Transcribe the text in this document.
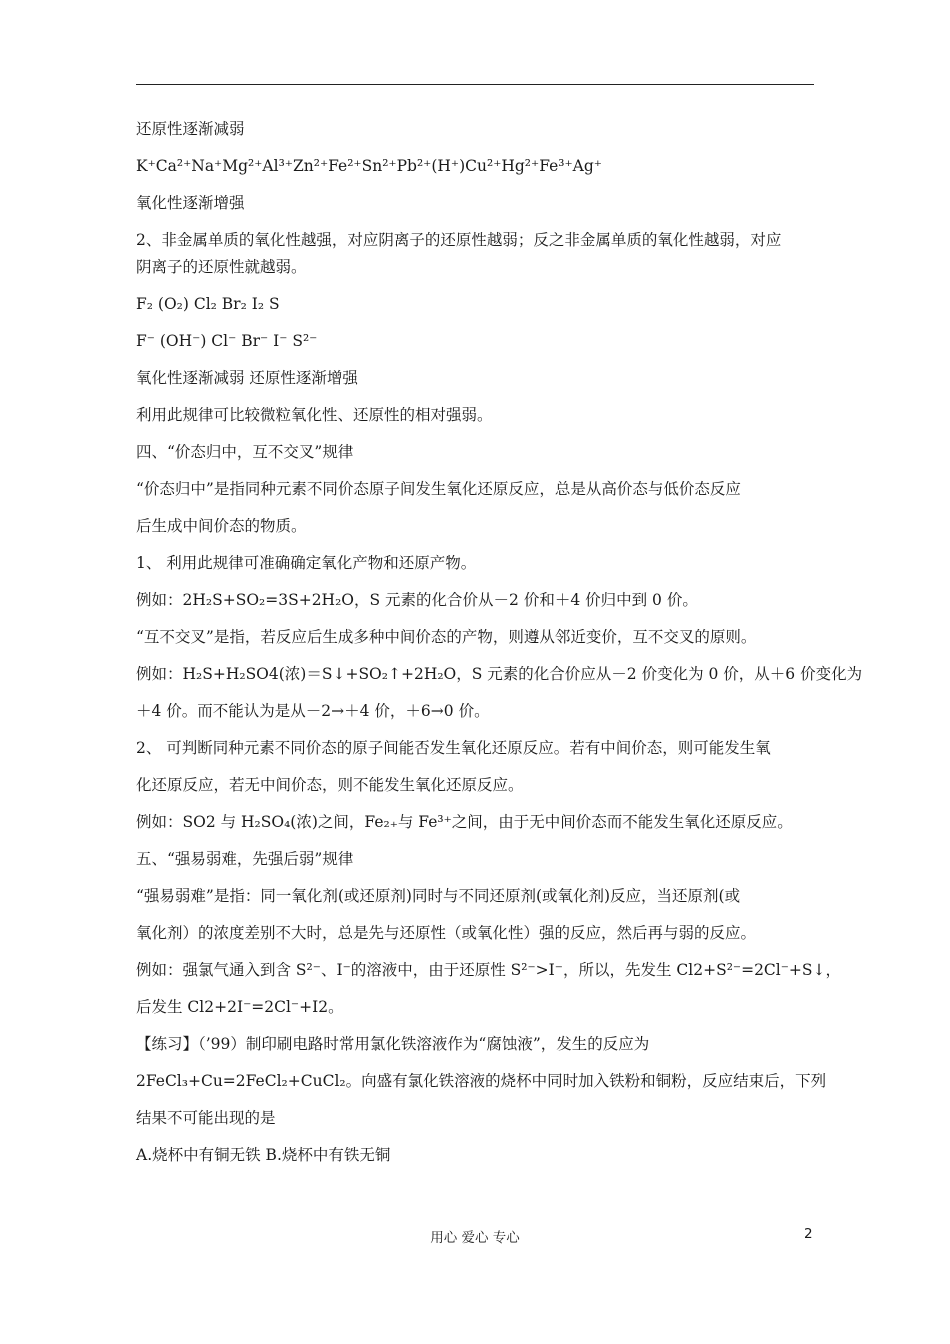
还原性逐渐减弱
K⁺Ca²⁺Na⁺Mg²⁺Al³⁺Zn²⁺Fe²⁺Sn²⁺Pb²⁺(H⁺)Cu²⁺Hg²⁺Fe³⁺Ag⁺
氧化性逐渐增强
2、非金属单质的氧化性越强，对应阴离子的还原性越弱；反之非金属单质的氧化性越弱，对应
阴离子的还原性就越弱。
F₂ (O₂) Cl₂ Br₂ I₂ S
F⁻ (OH⁻) Cl⁻ Br⁻ I⁻ S²⁻
氧化性逐渐减弱 还原性逐渐增强
利用此规律可比较微粒氧化性、还原性的相对强弱。
四、“价态归中，互不交叉”规律
“价态归中”是指同种元素不同价态原子间发生氧化还原反应，总是从高价态与低价态反应
后生成中间价态的物质。
1、 利用此规律可准确确定氧化产物和还原产物。
例如：2H₂S+SO₂=3S+2H₂O，S 元素的化合价从－2 价和＋4 价归中到 0 价。
“互不交叉”是指，若反应后生成多种中间价态的产物，则遵从邻近变价，互不交叉的原则。
例如：H₂S+H₂SO4(浓)＝S↓+SO₂↑+2H₂O，S 元素的化合价应从－2 价变化为 0 价，从＋6 价变化为
＋4 价。而不能认为是从－2→＋4 价，＋6→0 价。
2、 可判断同种元素不同价态的原子间能否发生氧化还原反应。若有中间价态，则可能发生氧
化还原反应，若无中间价态，则不能发生氧化还原反应。
例如：SO2 与 H₂SO₄(浓)之间，Fe₂₊与 Fe³⁺之间，由于无中间价态而不能发生氧化还原反应。
五、“强易弱难，先强后弱”规律
“强易弱难”是指：同一氧化剂(或还原剂)同时与不同还原剂(或氧化剂)反应，当还原剂(或
氧化剂）的浓度差别不大时，总是先与还原性（或氧化性）强的反应，然后再与弱的反应。
例如：强氯气通入到含 S²⁻、I⁻的溶液中，由于还原性 S²⁻>I⁻，所以，先发生 Cl2+S²⁻=2Cl⁻+S↓，
后发生 Cl2+2I⁻=2Cl⁻+I2。
【练习】（’99）制印刷电路时常用氯化铁溶液作为“腐蚀液”，发生的反应为
2FeCl₃+Cu=2FeCl₂+CuCl₂。向盛有氯化铁溶液的烧杯中同时加入铁粉和铜粉，反应结束后，下列
结果不可能出现的是
A.烧杯中有铜无铁 B.烧杯中有铁无铜
用心 爱心 专心	2
